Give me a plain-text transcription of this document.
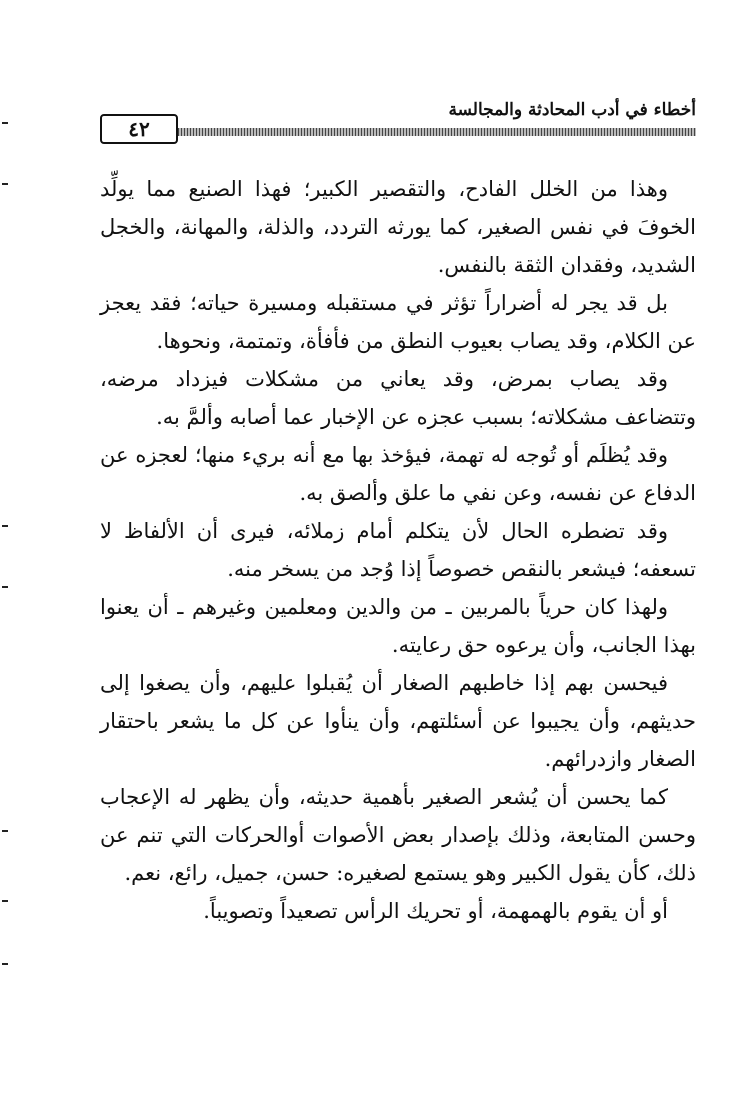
أخطاء في أدب المحادثة والمجالسة
٤٢

وهذا من الخلل الفادح، والتقصير الكبير؛ فهذا الصنيع مما يولِّد الخوفَ في نفس الصغير، كما يورثه التردد، والذلة، والمهانة، والخجل الشديد، وفقدان الثقة بالنفس.

بل قد يجر له أضراراً تؤثر في مستقبله ومسيرة حياته؛ فقد يعجز عن الكلام، وقد يصاب بعيوب النطق من فأفأة، وتمتمة، ونحوها.

وقد يصاب بمرض، وقد يعاني من مشكلات فيزداد مرضه، وتتضاعف مشكلاته؛ بسبب عجزه عن الإخبار عما أصابه وألمَّ به.

وقد يُظلَم أو تُوجه له تهمة، فيؤخذ بها مع أنه بريء منها؛ لعجزه عن الدفاع عن نفسه، وعن نفي ما علق وألصق به.

وقد تضطره الحال لأن يتكلم أمام زملائه، فيرى أن الألفاظ لا تسعفه؛ فيشعر بالنقص خصوصاً إذا وُجد من يسخر منه.

ولهذا كان حرياً بالمربين ـ من والدين ومعلمين وغيرهم ـ أن يعنوا بهذا الجانب، وأن يرعوه حق رعايته.

فيحسن بهم إذا خاطبهم الصغار أن يُقبلوا عليهم، وأن يصغوا إلى حديثهم، وأن يجيبوا عن أسئلتهم، وأن ينأوا عن كل ما يشعر باحتقار الصغار وازدرائهم.

كما يحسن أن يُشعر الصغير بأهمية حديثه، وأن يظهر له الإعجاب وحسن المتابعة، وذلك بإصدار بعض الأصوات أوالحركات التي تنم عن ذلك، كأن يقول الكبير وهو يستمع لصغيره: حسن، جميل، رائع، نعم.

أو أن يقوم بالهمهمة، أو تحريك الرأس تصعيداً وتصويباً.
